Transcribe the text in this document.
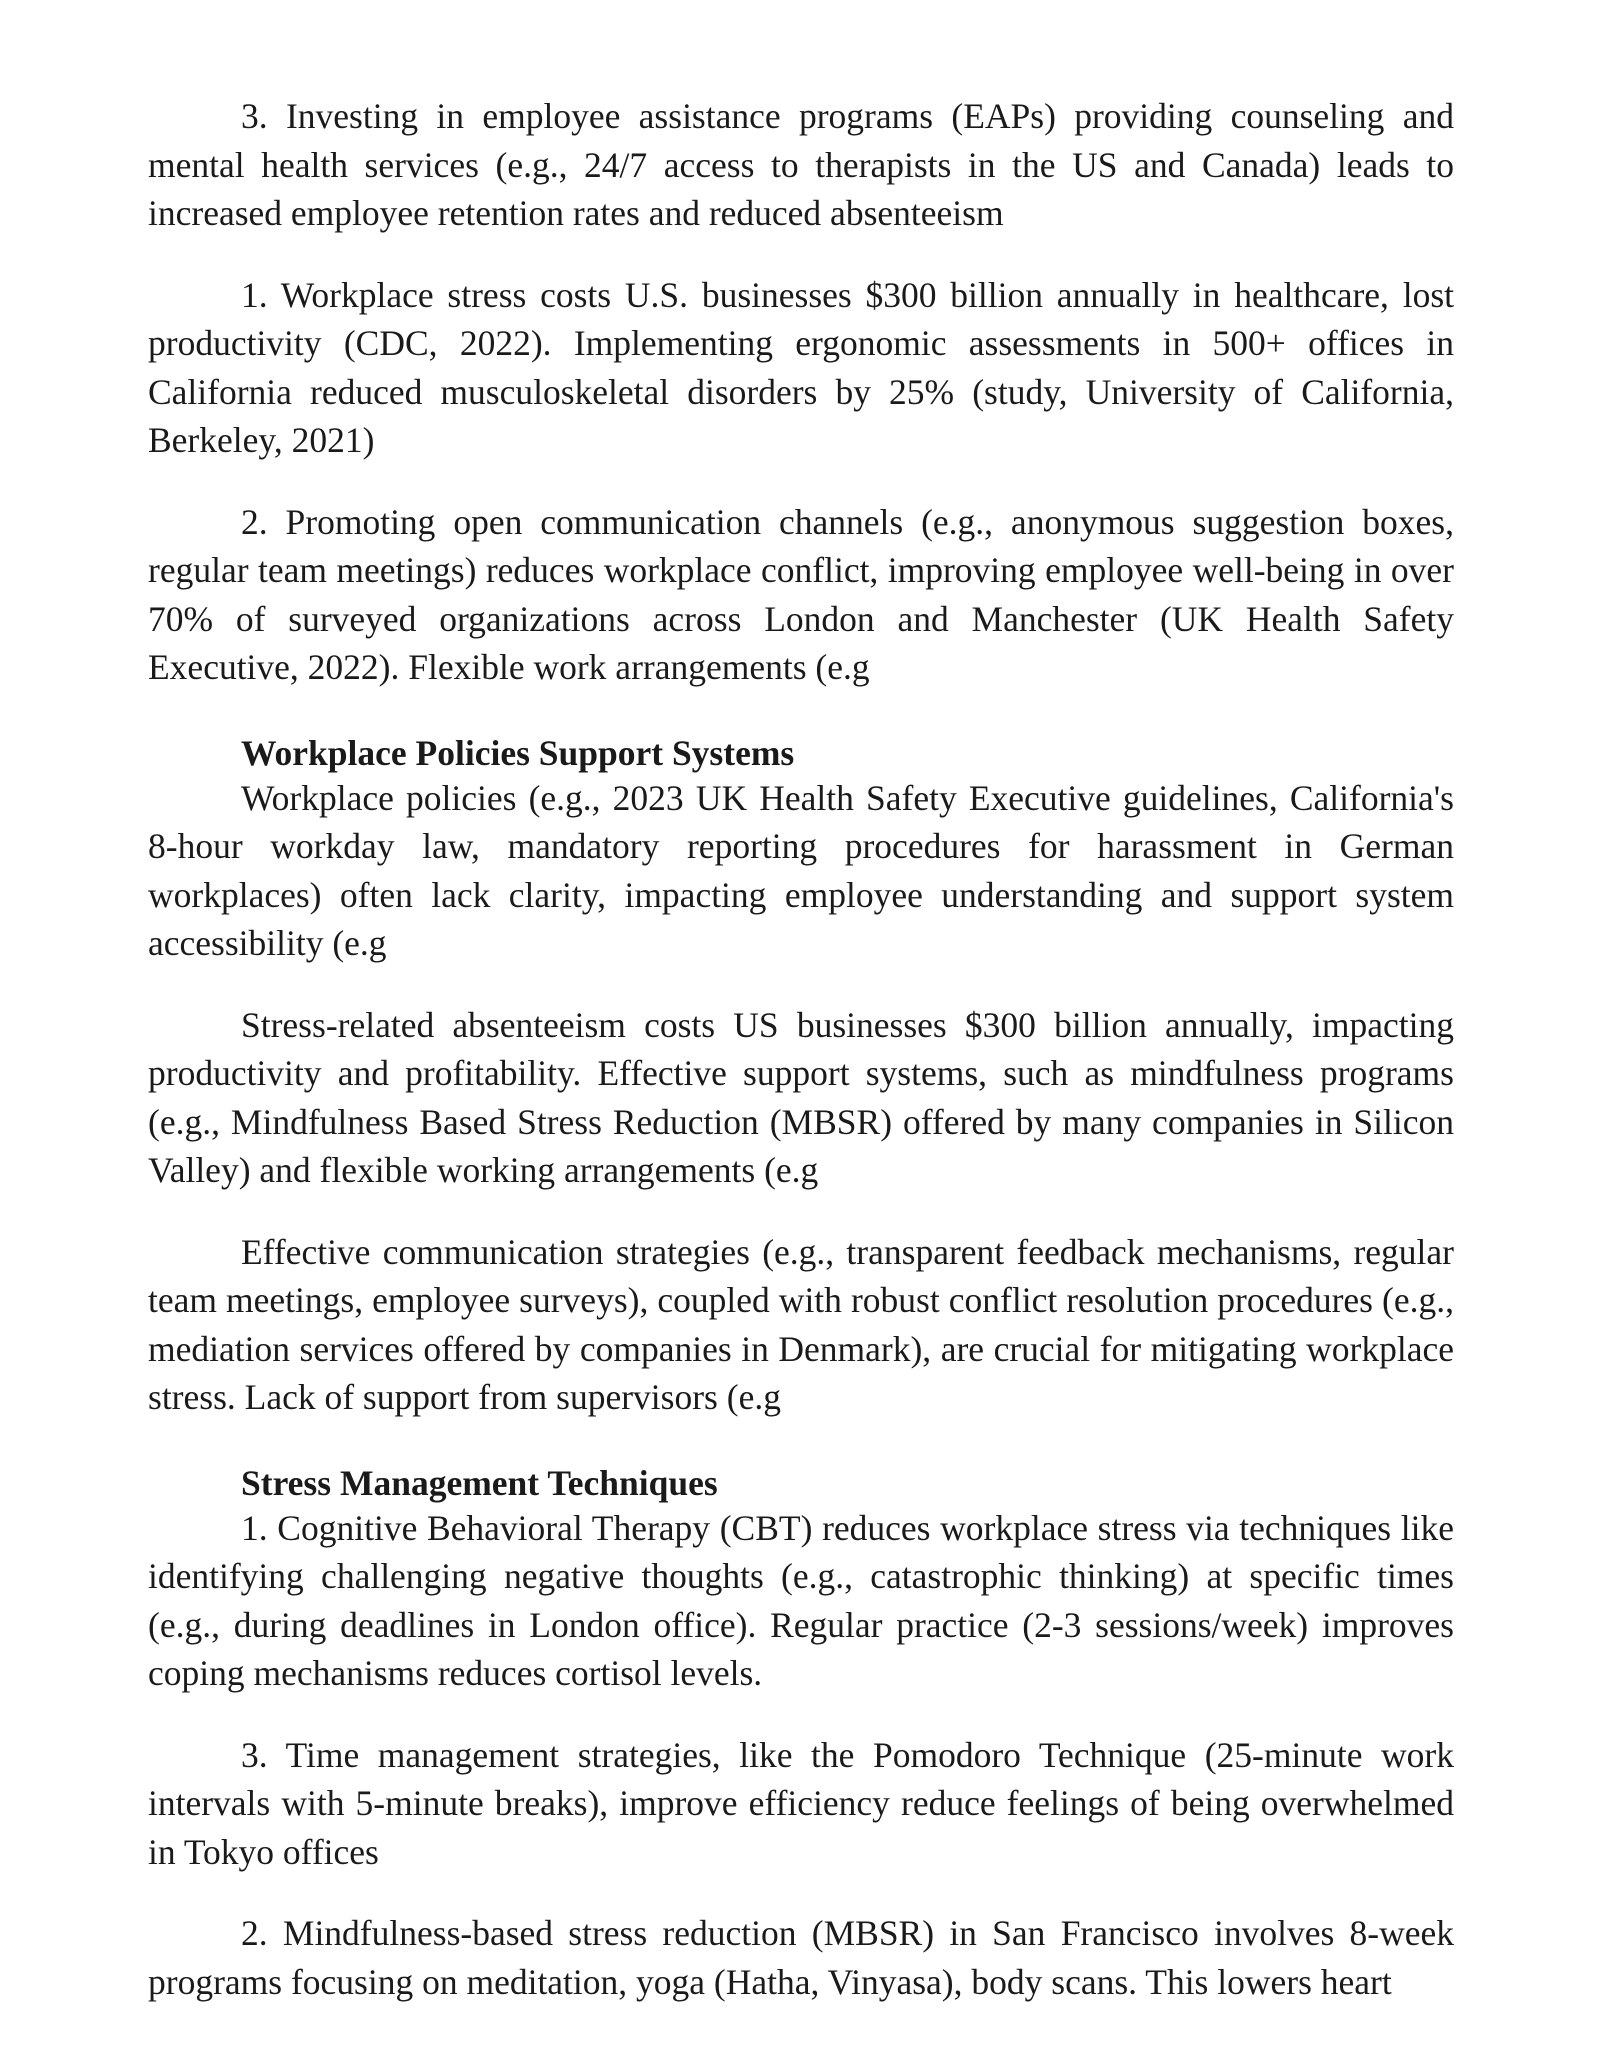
3. Investing in employee assistance programs (EAPs) providing counseling and mental health services (e.g., 24/7 access to therapists in the US and Canada) leads to increased employee retention rates and reduced absenteeism

1. Workplace stress costs U.S. businesses $300 billion annually in healthcare, lost productivity (CDC, 2022). Implementing ergonomic assessments in 500+ offices in California reduced musculoskeletal disorders by 25% (study, University of California, Berkeley, 2021)

2. Promoting open communication channels (e.g., anonymous suggestion boxes, regular team meetings) reduces workplace conflict, improving employee well-being in over 70% of surveyed organizations across London and Manchester (UK Health Safety Executive, 2022). Flexible work arrangements (e.g

Workplace Policies Support Systems

Workplace policies (e.g., 2023 UK Health Safety Executive guidelines, California's 8-hour workday law, mandatory reporting procedures for harassment in German workplaces) often lack clarity, impacting employee understanding and support system accessibility (e.g

Stress-related absenteeism costs US businesses $300 billion annually, impacting productivity and profitability. Effective support systems, such as mindfulness programs (e.g., Mindfulness Based Stress Reduction (MBSR) offered by many companies in Silicon Valley) and flexible working arrangements (e.g

Effective communication strategies (e.g., transparent feedback mechanisms, regular team meetings, employee surveys), coupled with robust conflict resolution procedures (e.g., mediation services offered by companies in Denmark), are crucial for mitigating workplace stress. Lack of support from supervisors (e.g

Stress Management Techniques

1. Cognitive Behavioral Therapy (CBT) reduces workplace stress via techniques like identifying challenging negative thoughts (e.g., catastrophic thinking) at specific times (e.g., during deadlines in London office). Regular practice (2-3 sessions/week) improves coping mechanisms reduces cortisol levels.

3. Time management strategies, like the Pomodoro Technique (25-minute work intervals with 5-minute breaks), improve efficiency reduce feelings of being overwhelmed in Tokyo offices

2. Mindfulness-based stress reduction (MBSR) in San Francisco involves 8-week programs focusing on meditation, yoga (Hatha, Vinyasa), body scans. This lowers heart
